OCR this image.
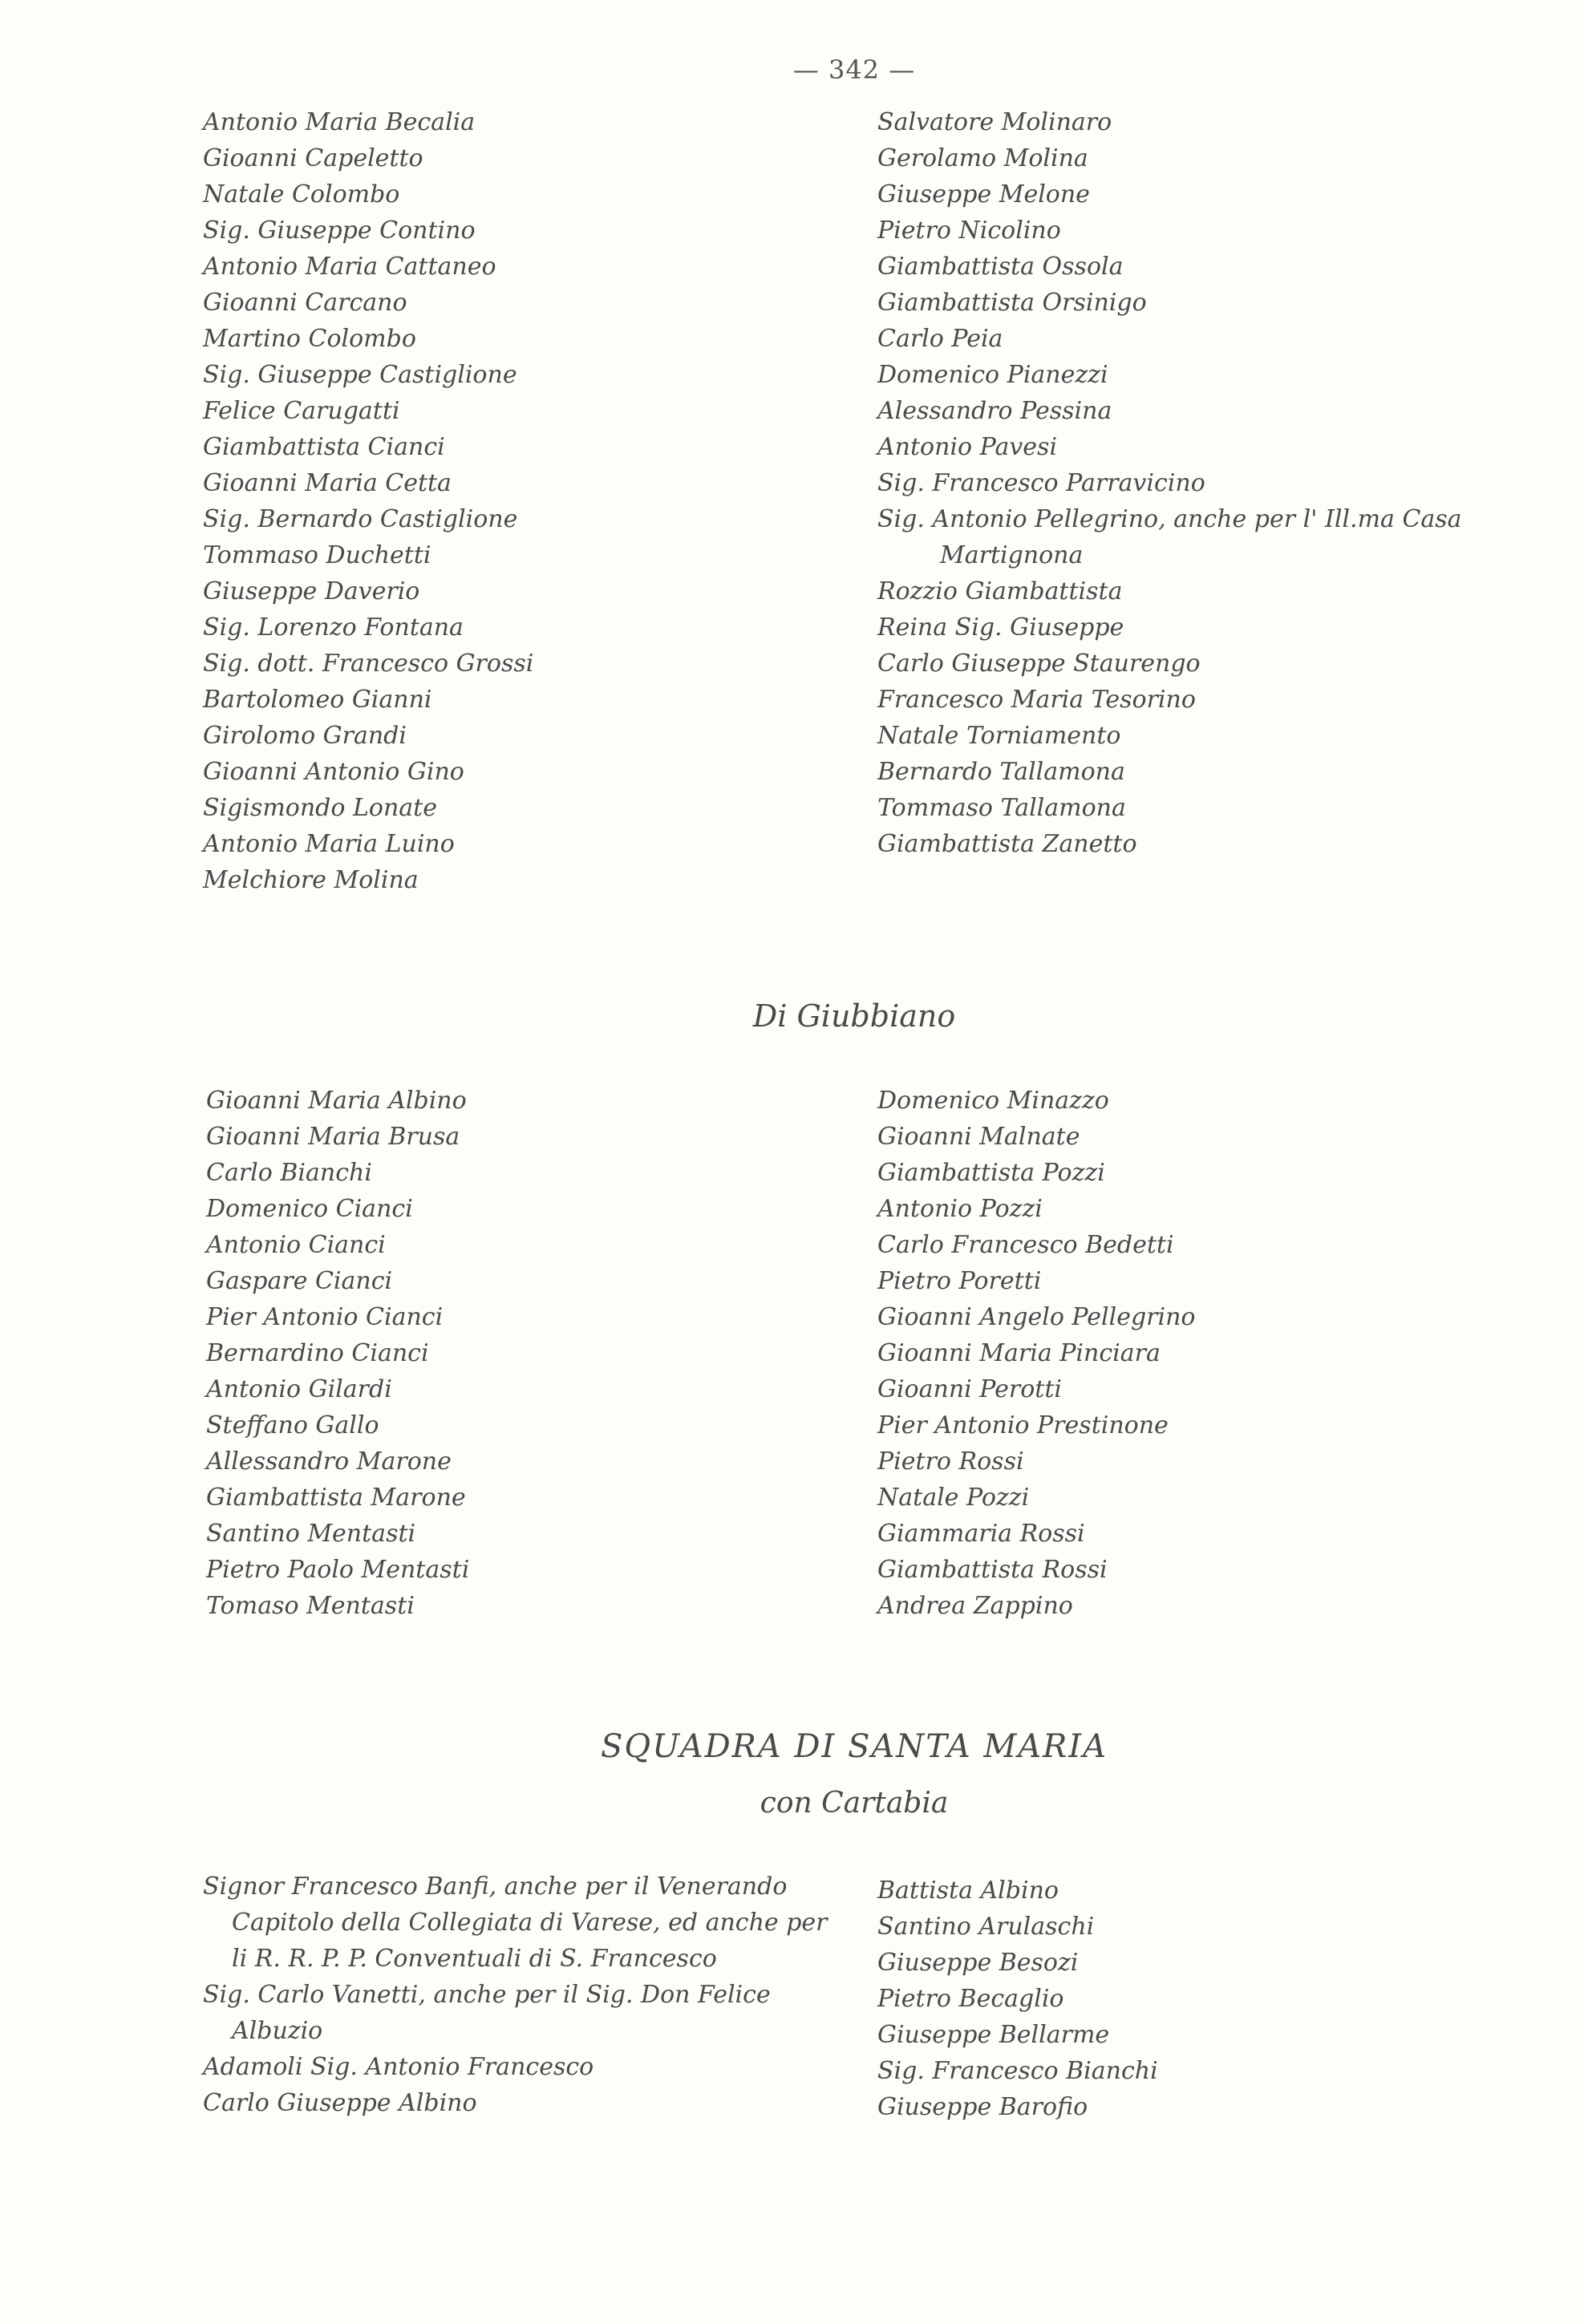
— 342 —
Antonio Maria Becalia
Gioanni Capeletto
Natale Colombo
Sig. Giuseppe Contino
Antonio Maria Cattaneo
Gioanni Carcano
Martino Colombo
Sig. Giuseppe Castiglione
Felice Carugatti
Giambattista Cianci
Gioanni Maria Cetta
Sig. Bernardo Castiglione
Tommaso Duchetti
Giuseppe Daverio
Sig. Lorenzo Fontana
Sig. dott. Francesco Grossi
Bartolomeo Gianni
Girolomo Grandi
Gioanni Antonio Gino
Sigismondo Lonate
Antonio Maria Luino
Melchiore Molina
Salvatore Molinaro
Gerolamo Molina
Giuseppe Melone
Pietro Nicolino
Giambattista Ossola
Giambattista Orsinigo
Carlo Peia
Domenico Pianezzi
Alessandro Pessina
Antonio Pavesi
Sig. Francesco Parravicino
Sig. Antonio Pellegrino, anche per l' Ill.ma Casa
Martignona
Rozzio Giambattista
Reina Sig. Giuseppe
Carlo Giuseppe Staurengo
Francesco Maria Tesorino
Natale Torniamento
Bernardo Tallamona
Tommaso Tallamona
Giambattista Zanetto
Di Giubbiano
Gioanni Maria Albino
Gioanni Maria Brusa
Carlo Bianchi
Domenico Cianci
Antonio Cianci
Gaspare Cianci
Pier Antonio Cianci
Bernardino Cianci
Antonio Gilardi
Steffano Gallo
Allessandro Marone
Giambattista Marone
Santino Mentasti
Pietro Paolo Mentasti
Tomaso Mentasti
Domenico Minazzo
Gioanni Malnate
Giambattista Pozzi
Antonio Pozzi
Carlo Francesco Bedetti
Pietro Poretti
Gioanni Angelo Pellegrino
Gioanni Maria Pinciara
Gioanni Perotti
Pier Antonio Prestinone
Pietro Rossi
Natale Pozzi
Giammaria Rossi
Giambattista Rossi
Andrea Zappino
SQUADRA DI SANTA MARIA
con Cartabia
Signor Francesco Banfi, anche per il Venerando
Capitolo della Collegiata di Varese, ed anche per
li R. R. P. P. Conventuali di S. Francesco
Sig. Carlo Vanetti, anche per il Sig. Don Felice
Albuzio
Adamoli Sig. Antonio Francesco
Carlo Giuseppe Albino
Battista Albino
Santino Arulaschi
Giuseppe Besozi
Pietro Becaglio
Giuseppe Bellarme
Sig. Francesco Bianchi
Giuseppe Barofio
